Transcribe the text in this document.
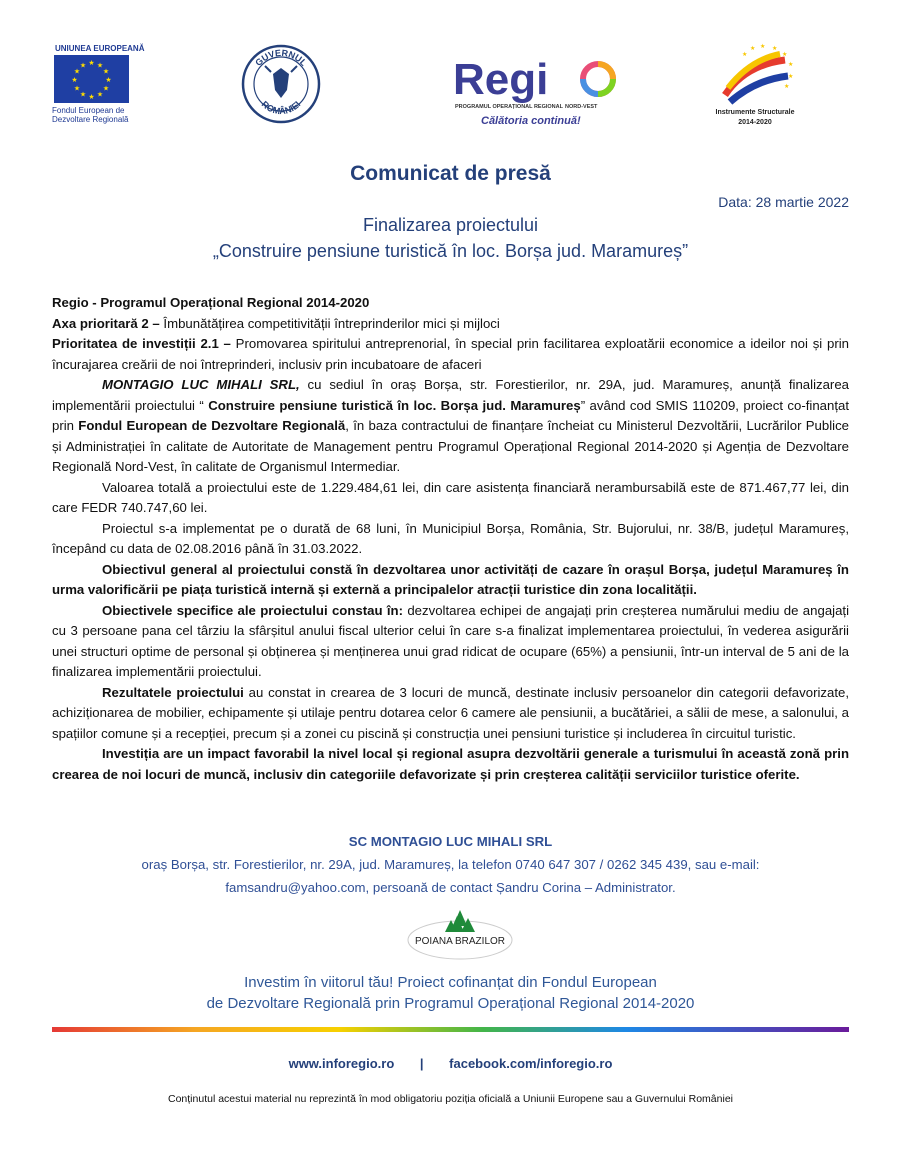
UNIUNEA EUROPEANĂ
★ ★
★
★
★
★
★
★
★
★
★
★
Fondul European de
Dezvoltare Regională
GUVERNUL
ROMÂNIEI	Regi
PROGRAMUL OPERAȚIONAL REGIONAL NORD-VEST
Călătoria continuă!
★ ★
★
★
★
★
★
★
Instrumente Structurale
2014-2020
Comunicat de presă
Data: 28 martie 2022
Finalizarea proiectului
„Construire pensiune turistică în loc. Borșa jud. Maramureș”

Regio - Programul Operațional Regional 2014-2020

Axa prioritară 2 – Îmbunătățirea competitivității întreprinderilor mici și mijloci

Prioritatea de investiții 2.1 – Promovarea spiritului antreprenorial, în special prin facilitarea exploatării economice a ideilor noi și prin încurajarea creării de noi întreprinderi, inclusiv prin incubatoare de afaceri

MONTAGIO LUC MIHALI SRL, cu sediul în oraș Borșa, str. Forestierilor, nr. 29A, jud. Maramureș, anunță finalizarea implementării proiectului “ Construire pensiune turistică în loc. Borșa jud. Maramureș” având cod SMIS 110209, proiect co-finanțat prin Fondul European de Dezvoltare Regională, în baza contractului de finanțare încheiat cu Ministerul Dezvoltării, Lucrărilor Publice și Administrației în calitate de Autoritate de Management pentru Programul Operațional Regional 2014-2020 și Agenția de Dezvoltare Regională Nord-Vest, în calitate de Organismul Intermediar.

Valoarea totală a proiectului este de 1.229.484,61 lei, din care asistența financiară nerambursabilă este de 871.467,77 lei, din care FEDR 740.747,60 lei.

Proiectul s-a implementat pe o durată de 68 luni, în Municipiul Borșa, România, Str. Bujorului, nr. 38/B, județul Maramureș, începând cu data de 02.08.2016 până în 31.03.2022.

Obiectivul general al proiectului constă în dezvoltarea unor activități de cazare în orașul Borșa, județul Maramureș în urma valorificării pe piața turistică internă și externă a principalelor atracții turistice din zona localității.

Obiectivele specifice ale proiectului constau în: dezvoltarea echipei de angajați prin creșterea numărului mediu de angajați cu 3 persoane pana cel târziu la sfârșitul anului fiscal ulterior celui în care s-a finalizat implementarea proiectului, în vederea asigurării unei structuri optime de personal și obținerea și menținerea unui grad ridicat de ocupare (65%) a pensiunii, într-un interval de 5 ani de la finalizarea implementării proiectului.

Rezultatele proiectului au constat in crearea de 3 locuri de muncă, destinate inclusiv persoanelor din categorii defavorizate, achiziționarea de mobilier, echipamente și utilaje pentru dotarea celor 6 camere ale pensiunii, a bucătăriei, a sălii de mese, a salonului, a spațiilor comune și a recepției, precum și a zonei cu piscină și construcția unei pensiuni turistice și includerea în circuitul turistic.

Investiția are un impact favorabil la nivel local și regional asupra dezvoltării generale a turismului în această zonă prin crearea de noi locuri de muncă, inclusiv din categoriile defavorizate și prin creșterea calității serviciilor turistice oferite.

SC MONTAGIO LUC MIHALI SRL
oraș Borșa, str. Forestierilor, nr. 29A, jud. Maramureș, la telefon 0740 647 307 / 0262 345 439, sau e-mail:
famsandru@yahoo.com, persoană de contact Șandru Corina – Administrator.
POIANA BRAZILOR
Investim în viitorul tău! Proiect cofinanțat din Fondul European
de Dezvoltare Regională prin Programul Operațional Regional 2014-2020
www.inforegio.ro | facebook.com/inforegio.ro
Conținutul acestui material nu reprezintă în mod obligatoriu poziția oficială a Uniunii Europene sau a Guvernului României
